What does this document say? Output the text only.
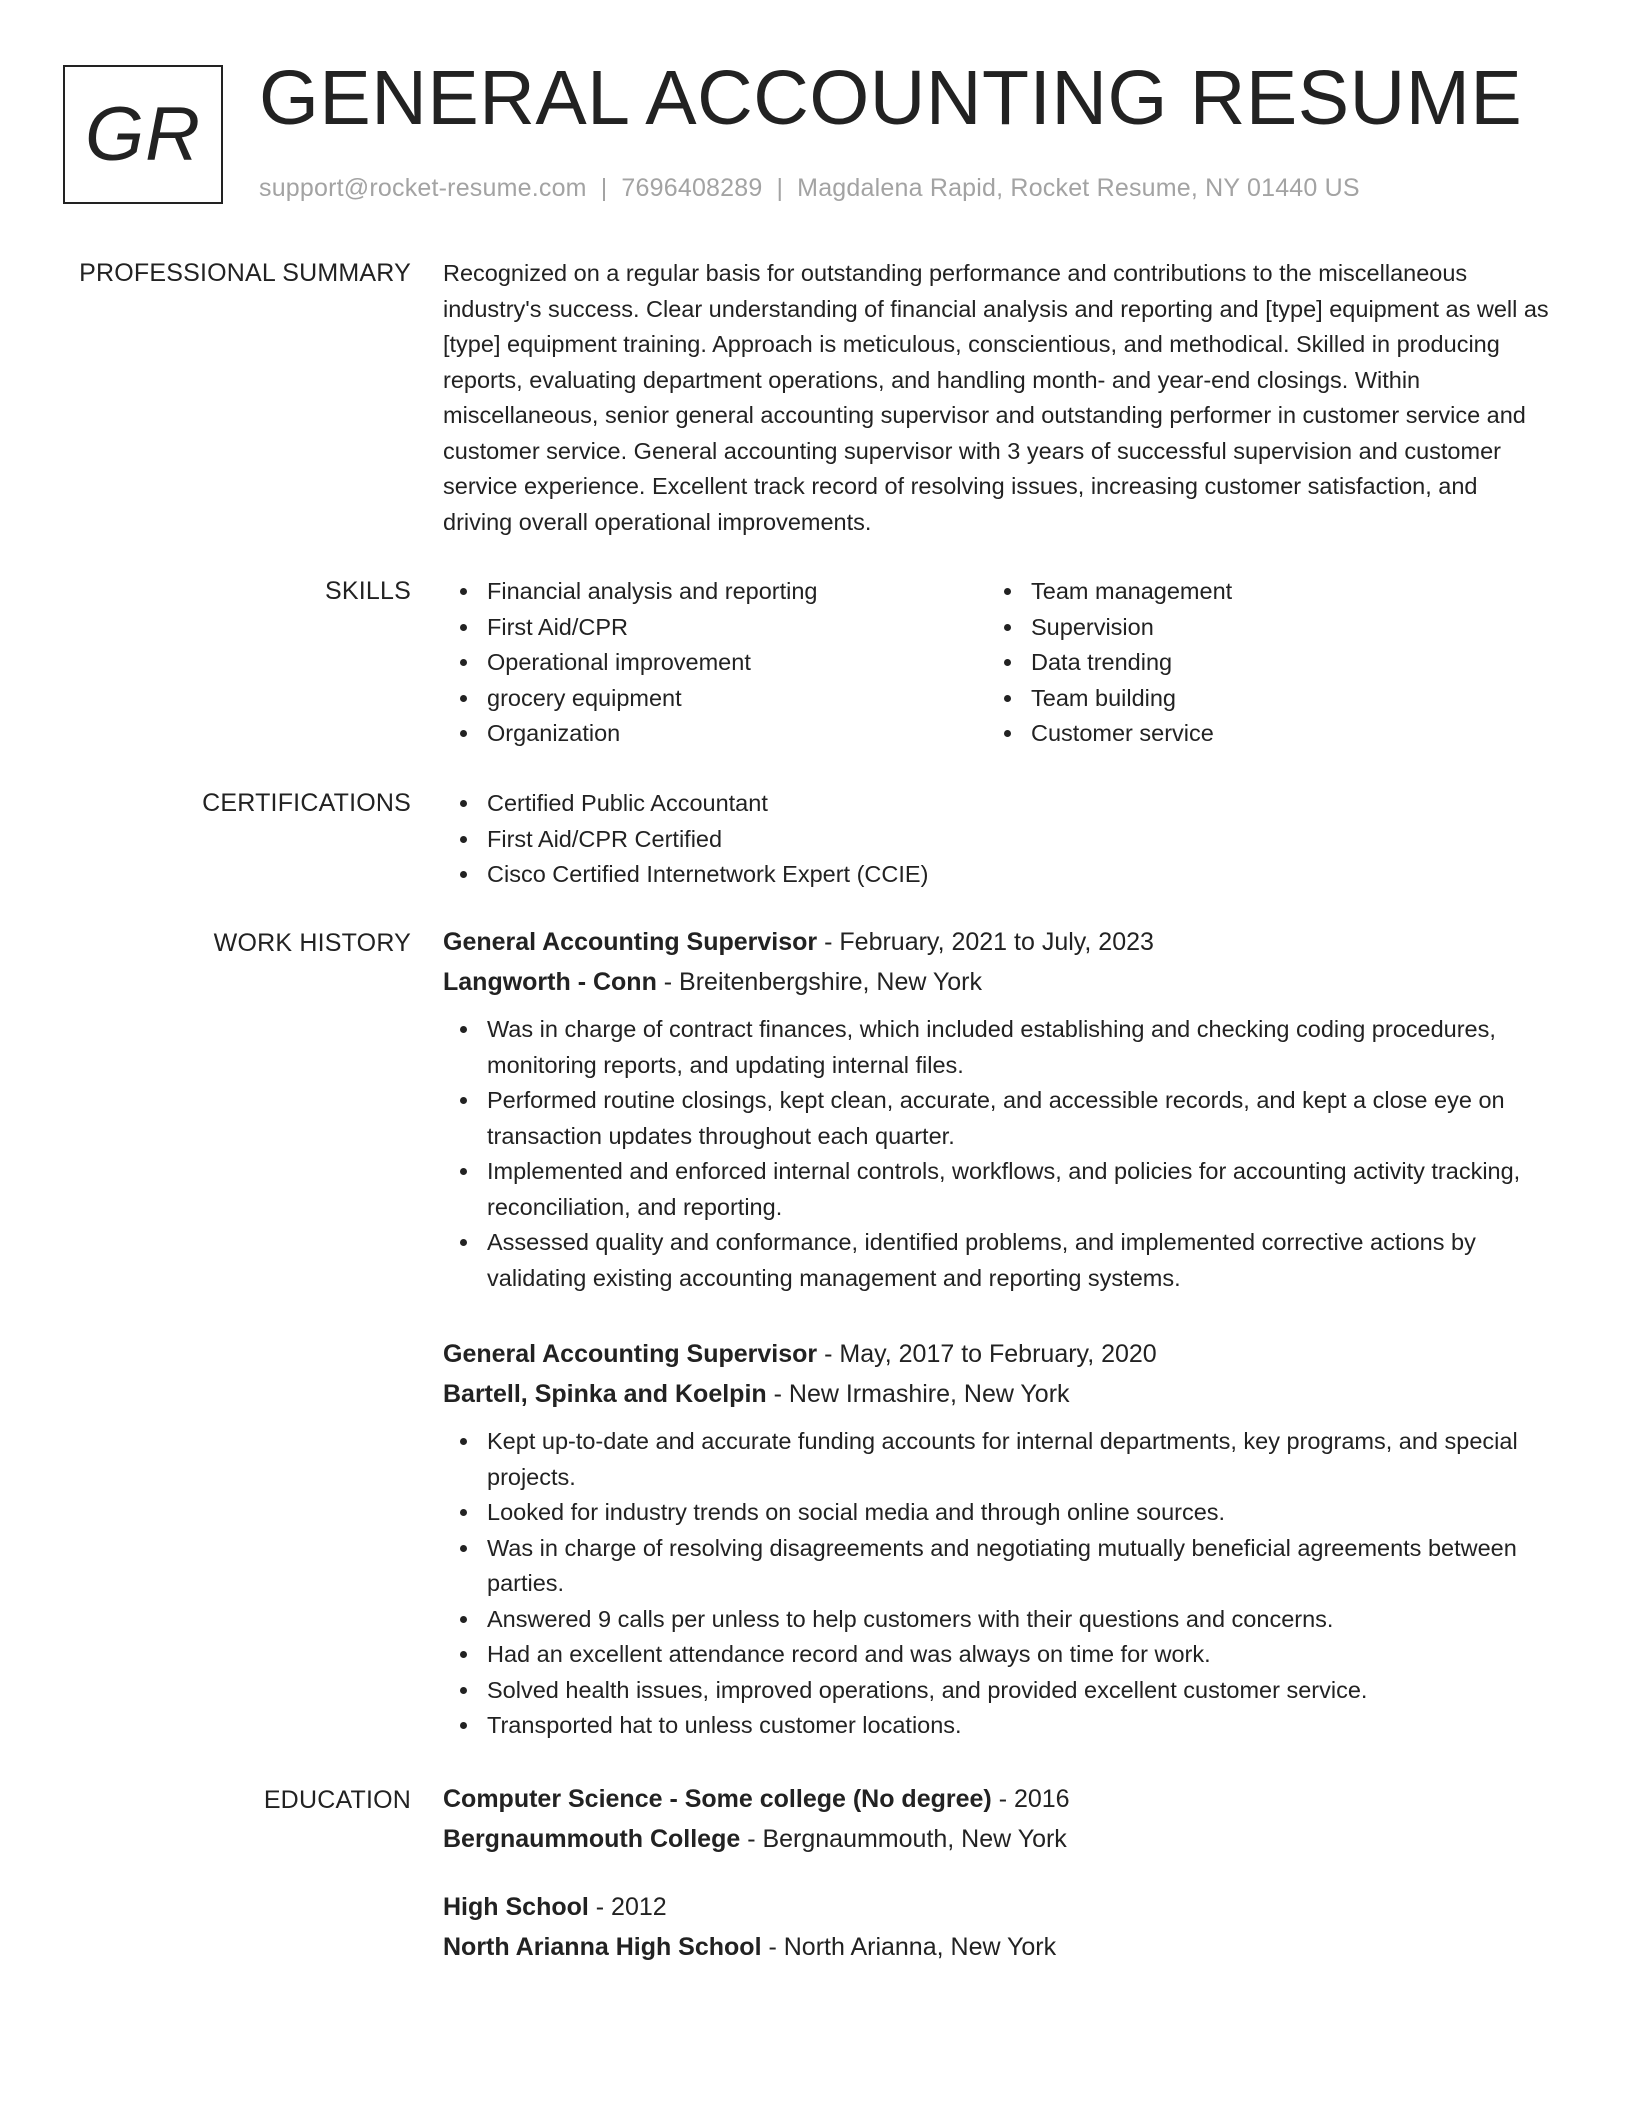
GR GENERAL ACCOUNTING RESUME
support@rocket-resume.com | 7696408289 | Magdalena Rapid, Rocket Resume, NY 01440 US
PROFESSIONAL SUMMARY Recognized on a regular basis for outstanding performance and contributions to the miscellaneous industry's success. Clear understanding of financial analysis and reporting and [type] equipment as well as [type] equipment training. Approach is meticulous, conscientious, and methodical. Skilled in producing reports, evaluating department operations, and handling month- and year-end closings. Within miscellaneous, senior general accounting supervisor and outstanding performer in customer service and customer service. General accounting supervisor with 3 years of successful supervision and customer service experience. Excellent track record of resolving issues, increasing customer satisfaction, and driving overall operational improvements.

SKILLS	Financial analysis and reporting
First Aid/CPR
Operational improvement
grocery equipment
Organization
Team management
Supervision
Data trending
Team building
Customer service
CERTIFICATIONS	Certified Public Accountant
First Aid/CPR Certified
Cisco Certified Internetwork Expert (CCIE)
WORK HISTORY General Accounting Supervisor - February, 2021 to July, 2023
Langworth - Conn - Breitenbergshire, New York
Was in charge of contract finances, which included establishing and checking coding procedures, monitoring reports, and updating internal files.
Performed routine closings, kept clean, accurate, and accessible records, and kept a close eye on transaction updates throughout each quarter.
Implemented and enforced internal controls, workflows, and policies for accounting activity tracking, reconciliation, and reporting.
Assessed quality and conformance, identified problems, and implemented corrective actions by validating existing accounting management and reporting systems.
General Accounting Supervisor - May, 2017 to February, 2020
Bartell, Spinka and Koelpin - New Irmashire, New York
Kept up-to-date and accurate funding accounts for internal departments, key programs, and special projects.
Looked for industry trends on social media and through online sources.
Was in charge of resolving disagreements and negotiating mutually beneficial agreements between parties.
Answered 9 calls per unless to help customers with their questions and concerns.
Had an excellent attendance record and was always on time for work.
Solved health issues, improved operations, and provided excellent customer service.
Transported hat to unless customer locations.
EDUCATION Computer Science - Some college (No degree) - 2016
Bergnaummouth College - Bergnaummouth, New York
High School - 2012
North Arianna High School - North Arianna, New York
